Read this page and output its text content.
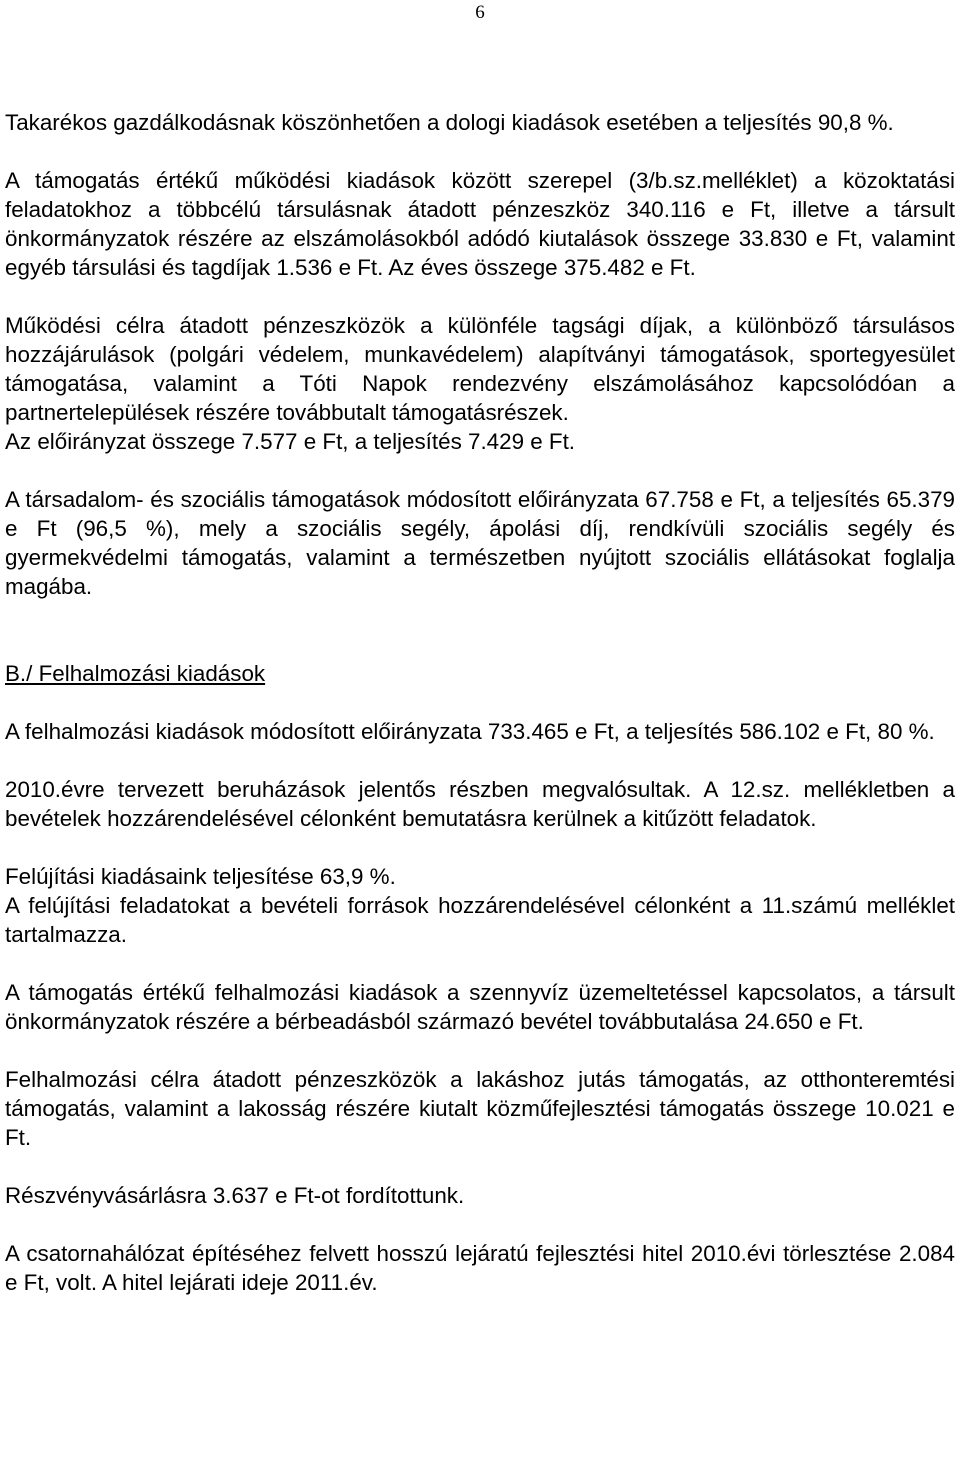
6

Takarékos gazdálkodásnak köszönhetően a dologi kiadások esetében a teljesítés 90,8 %.

A támogatás értékű működési kiadások között szerepel (3/b.sz.melléklet) a közoktatási feladatokhoz a többcélú társulásnak átadott pénzeszköz 340.116 e Ft, illetve a társult önkormányzatok részére az elszámolásokból adódó kiutalások összege 33.830 e Ft, valamint egyéb társulási és tagdíjak 1.536 e Ft. Az éves összege 375.482 e Ft.

Működési célra átadott pénzeszközök a különféle tagsági díjak, a különböző társulásos hozzájárulások (polgári védelem, munkavédelem) alapítványi támogatások, sportegyesület támogatása, valamint a Tóti Napok rendezvény elszámolásához kapcsolódóan a partnertelepülések részére továbbutalt támogatásrészek.

Az előirányzat összege 7.577 e Ft, a teljesítés 7.429 e Ft.

A társadalom- és szociális támogatások módosított előirányzata 67.758 e Ft, a teljesítés 65.379 e Ft (96,5 %), mely a szociális segély, ápolási díj, rendkívüli szociális segély és gyermekvédelmi támogatás, valamint a természetben nyújtott szociális ellátásokat foglalja magába.

B./ Felhalmozási kiadások

A felhalmozási kiadások módosított előirányzata 733.465 e Ft, a teljesítés 586.102 e Ft, 80 %.

2010.évre tervezett beruházások jelentős részben megvalósultak. A 12.sz. mellékletben a bevételek hozzárendelésével célonként bemutatásra kerülnek a kitűzött feladatok.

Felújítási kiadásaink teljesítése 63,9 %.

A felújítási feladatokat a bevételi források hozzárendelésével célonként a 11.számú melléklet tartalmazza.

A támogatás értékű felhalmozási kiadások a szennyvíz üzemeltetéssel kapcsolatos, a társult önkormányzatok részére a bérbeadásból származó bevétel továbbutalása 24.650 e Ft.

Felhalmozási célra átadott pénzeszközök a lakáshoz jutás támogatás, az otthonteremtési támogatás, valamint a lakosság részére kiutalt közműfejlesztési támogatás összege 10.021 e Ft.

Részvényvásárlásra 3.637 e Ft-ot fordítottunk.

A csatornahálózat építéséhez felvett hosszú lejáratú fejlesztési hitel 2010.évi törlesztése 2.084 e Ft, volt. A hitel lejárati ideje 2011.év.
